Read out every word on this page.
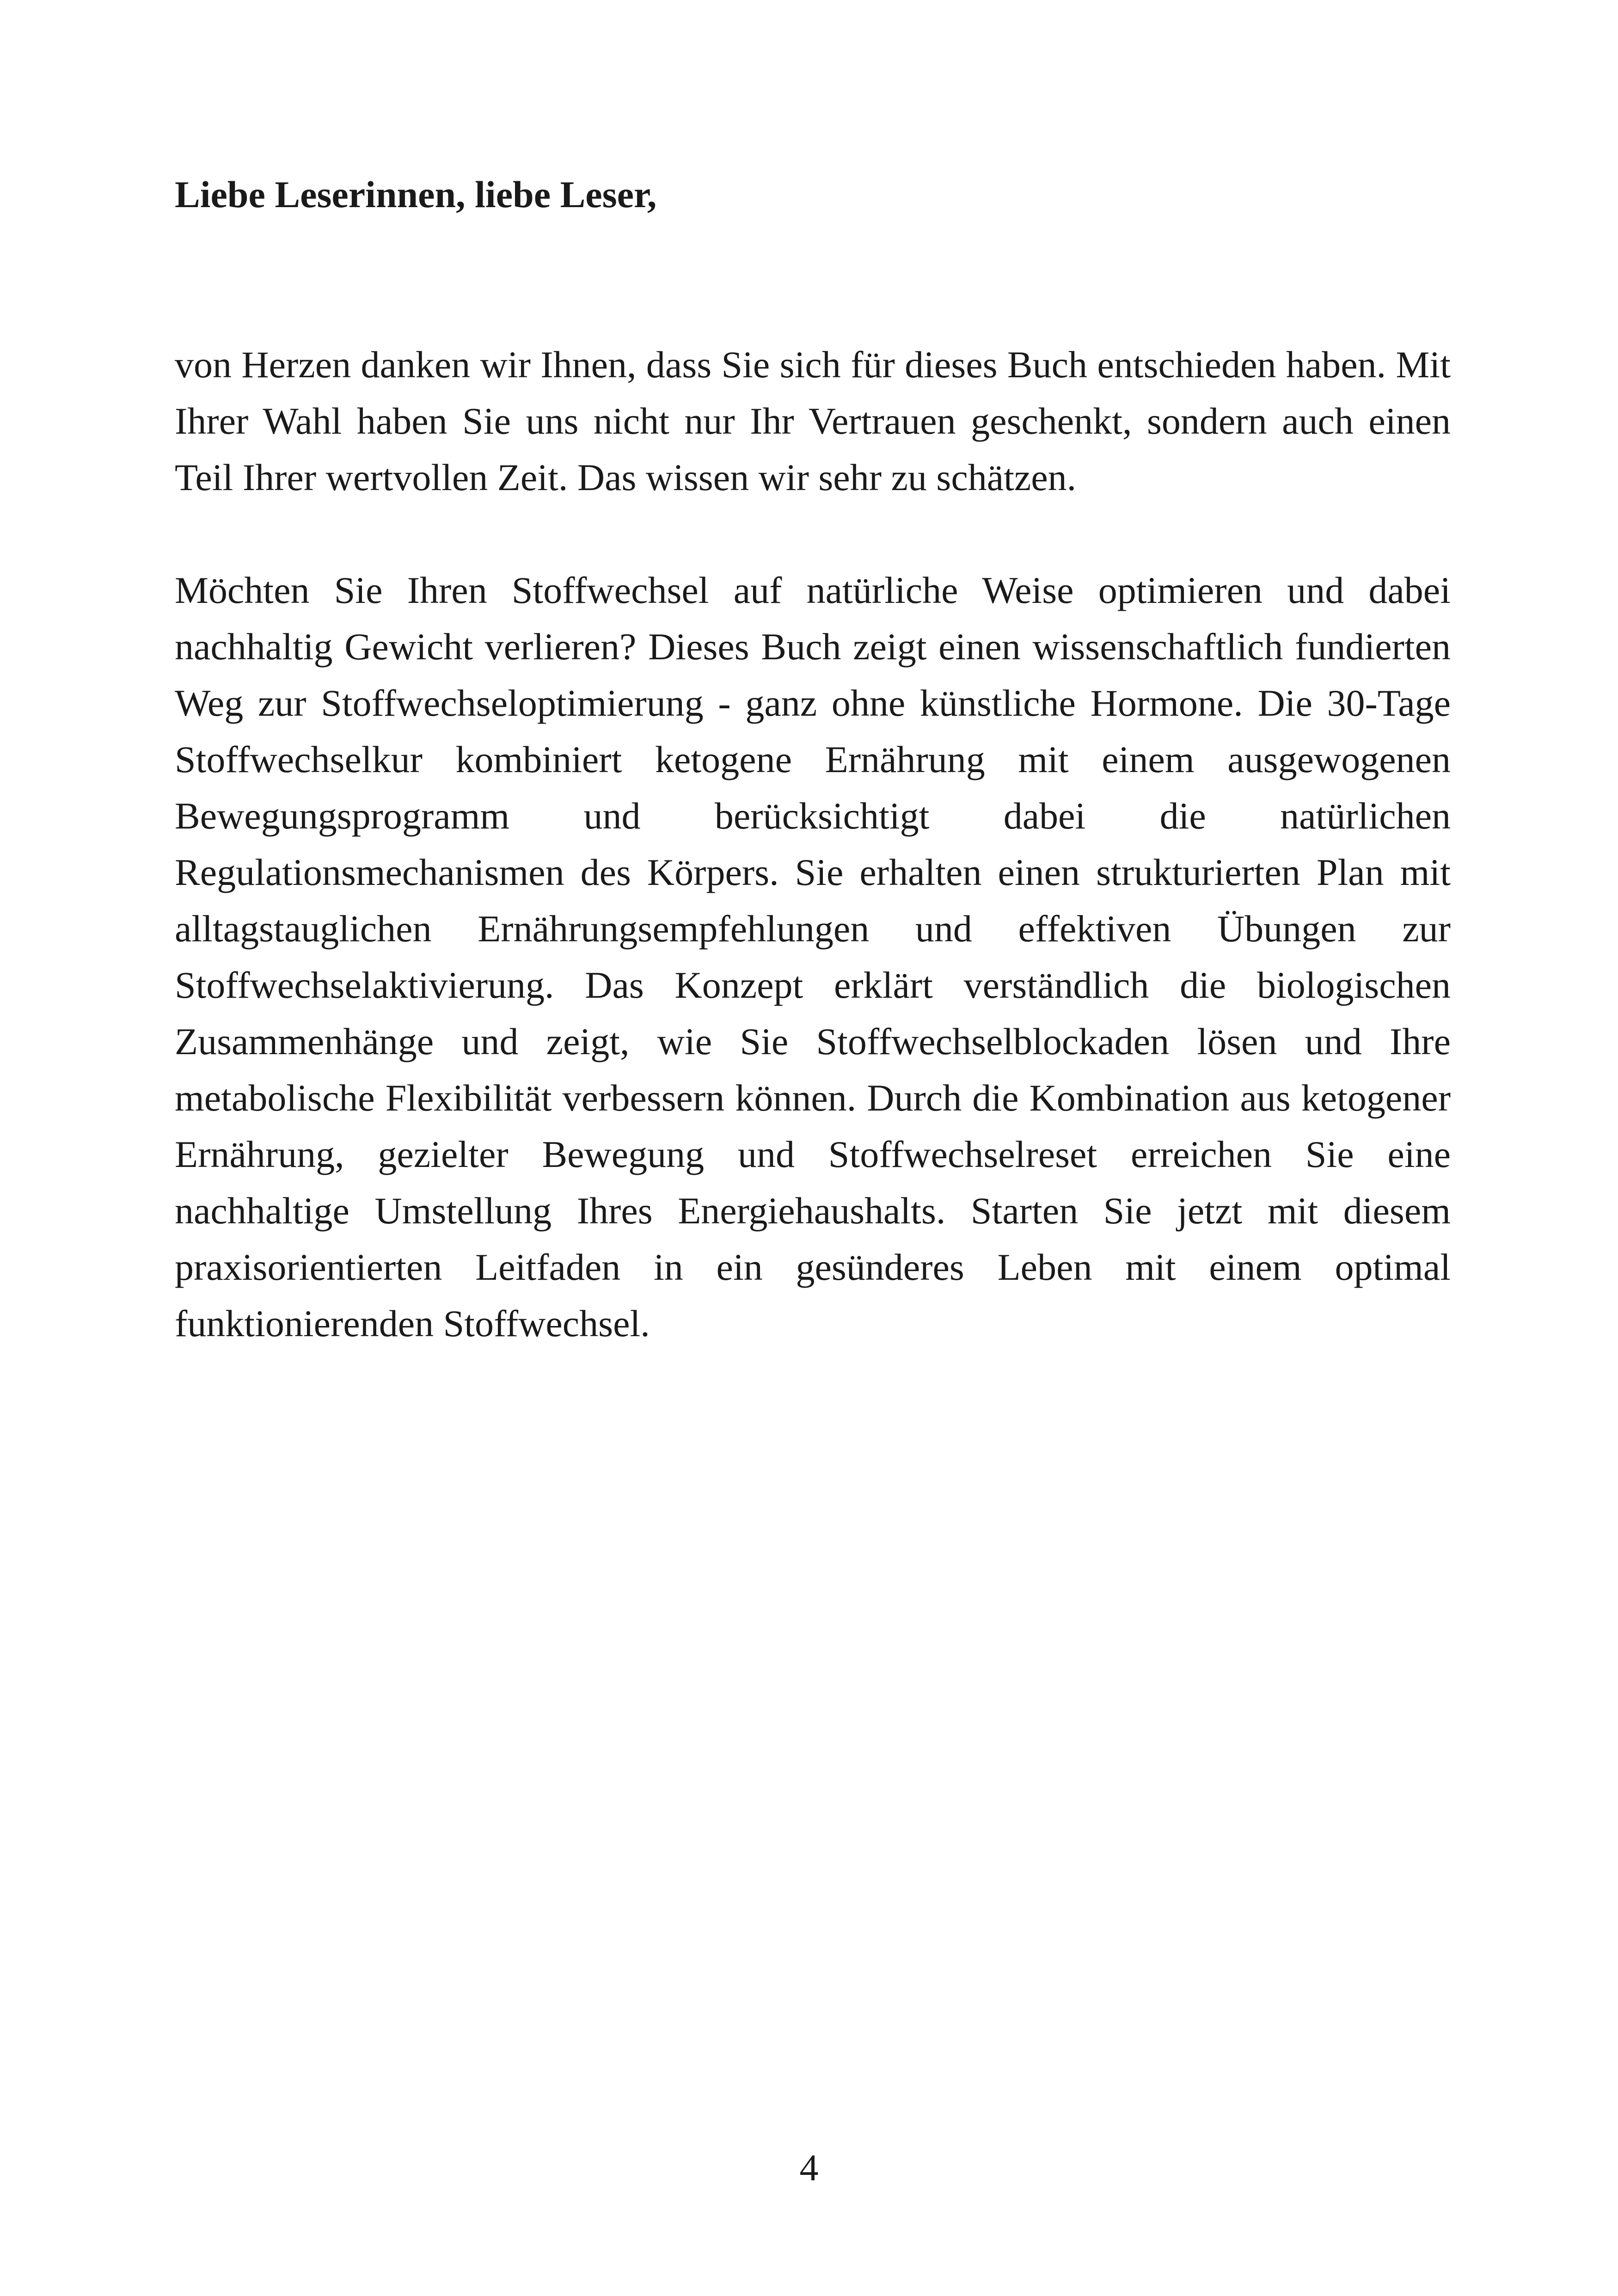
Liebe Leserinnen, liebe Leser,

von Herzen danken wir Ihnen, dass Sie sich für dieses Buch entschieden haben. Mit Ihrer Wahl haben Sie uns nicht nur Ihr Vertrauen geschenkt, sondern auch einen Teil Ihrer wertvollen Zeit. Das wissen wir sehr zu schätzen.

Möchten Sie Ihren Stoffwechsel auf natürliche Weise optimieren und dabei nachhaltig Gewicht verlieren? Dieses Buch zeigt einen wissenschaftlich fundierten Weg zur Stoffwechseloptimierung - ganz ohne künstliche Hormone. Die 30-Tage Stoffwechselkur kombiniert ketogene Ernährung mit einem ausgewogenen Bewegungsprogramm und berücksichtigt dabei die natürlichen Regulationsmechanismen des Körpers. Sie erhalten einen strukturierten Plan mit alltagstauglichen Ernährungsempfehlungen und effektiven Übungen zur Stoffwechselaktivierung. Das Konzept erklärt verständlich die biologischen Zusammenhänge und zeigt, wie Sie Stoffwechselblockaden lösen und Ihre metabolische Flexibilität verbessern können. Durch die Kombination aus ketogener Ernährung, gezielter Bewegung und Stoffwechselreset erreichen Sie eine nachhaltige Umstellung Ihres Energiehaushalts. Starten Sie jetzt mit diesem praxisorientierten Leitfaden in ein gesünderes Leben mit einem optimal funktionierenden Stoffwechsel.

4
